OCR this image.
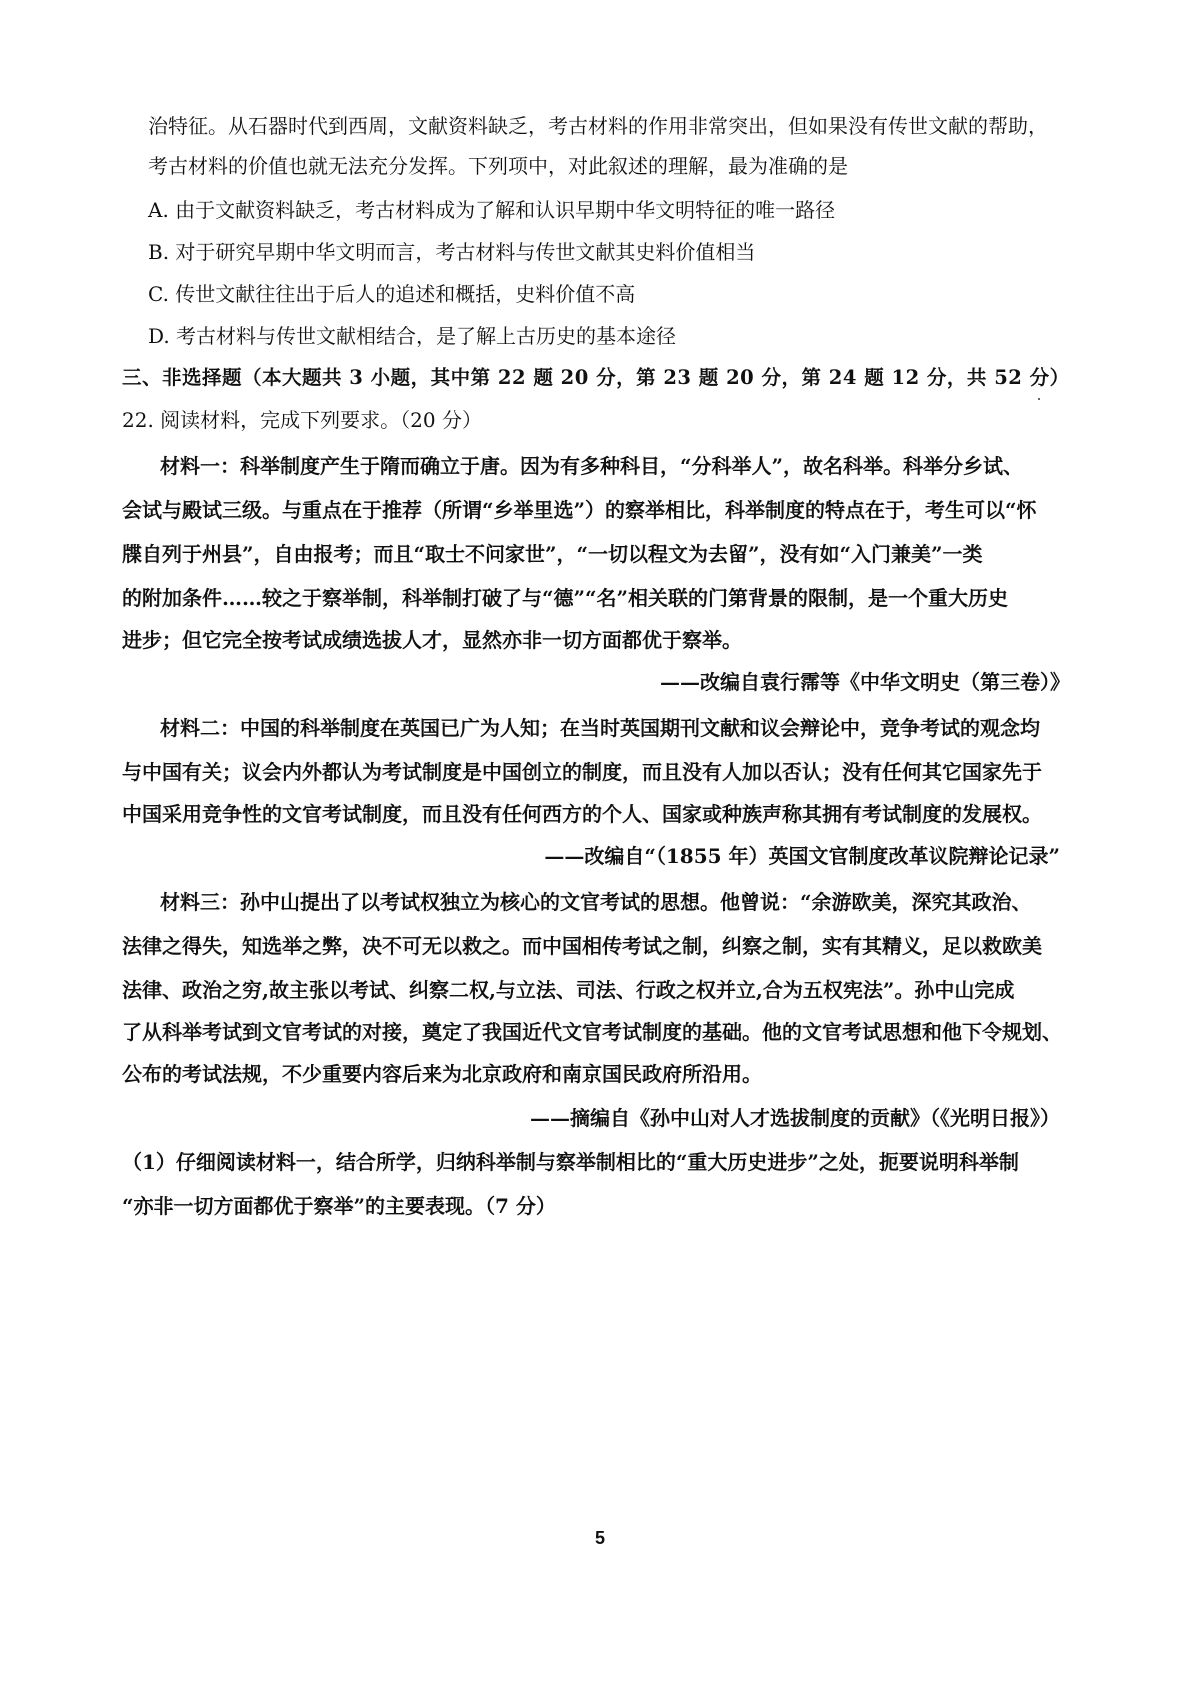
治特征。从石器时代到西周，文献资料缺乏，考古材料的作用非常突出，但如果没有传世文献的帮助，
考古材料的价值也就无法充分发挥。下列项中，对此叙述的理解，最为准确的是
A. 由于文献资料缺乏，考古材料成为了解和认识早期中华文明特征的唯一路径
B. 对于研究早期中华文明而言，考古材料与传世文献其史料价值相当
C. 传世文献往往出于后人的追述和概括，史料价值不高
D. 考古材料与传世文献相结合，是了解上古历史的基本途径
三、非选择题（本大题共 3 小题，其中第 22 题 20 分，第 23 题 20 分，第 24 题 12 分，共 52 分）
22. 阅读材料，完成下列要求。（20 分）
材料一：科举制度产生于隋而确立于唐。因为有多种科目，“分科举人”，故名科举。科举分乡试、
会试与殿试三级。与重点在于推荐（所谓“乡举里选”）的察举相比，科举制度的特点在于，考生可以“怀
牒自列于州县”，自由报考；而且“取士不问家世”，“一切以程文为去留”，没有如“入门兼美”一类
的附加条件……较之于察举制，科举制打破了与“德”“名”相关联的门第背景的限制，是一个重大历史
进步；但它完全按考试成绩选拔人才，显然亦非一切方面都优于察举。
——改编自袁行霈等《中华文明史（第三卷）》
材料二：中国的科举制度在英国已广为人知；在当时英国期刊文献和议会辩论中，竞争考试的观念均
与中国有关；议会内外都认为考试制度是中国创立的制度，而且没有人加以否认；没有任何其它国家先于
中国采用竞争性的文官考试制度，而且没有任何西方的个人、国家或种族声称其拥有考试制度的发展权。
——改编自“（1855 年）英国文官制度改革议院辩论记录”
材料三：孙中山提出了以考试权独立为核心的文官考试的思想。他曾说：“余游欧美，深究其政治、
法律之得失，知选举之弊，决不可无以救之。而中国相传考试之制，纠察之制，实有其精义，足以救欧美
法律、政治之穷,故主张以考试、纠察二权,与立法、司法、行政之权并立,合为五权宪法”。孙中山完成
了从科举考试到文官考试的对接，奠定了我国近代文官考试制度的基础。他的文官考试思想和他下令规划、
公布的考试法规，不少重要内容后来为北京政府和南京国民政府所沿用。
——摘编自《孙中山对人才选拔制度的贡献》（《光明日报》）
（1）仔细阅读材料一，结合所学，归纳科举制与察举制相比的“重大历史进步”之处，扼要说明科举制
“亦非一切方面都优于察举”的主要表现。（7 分）
5
